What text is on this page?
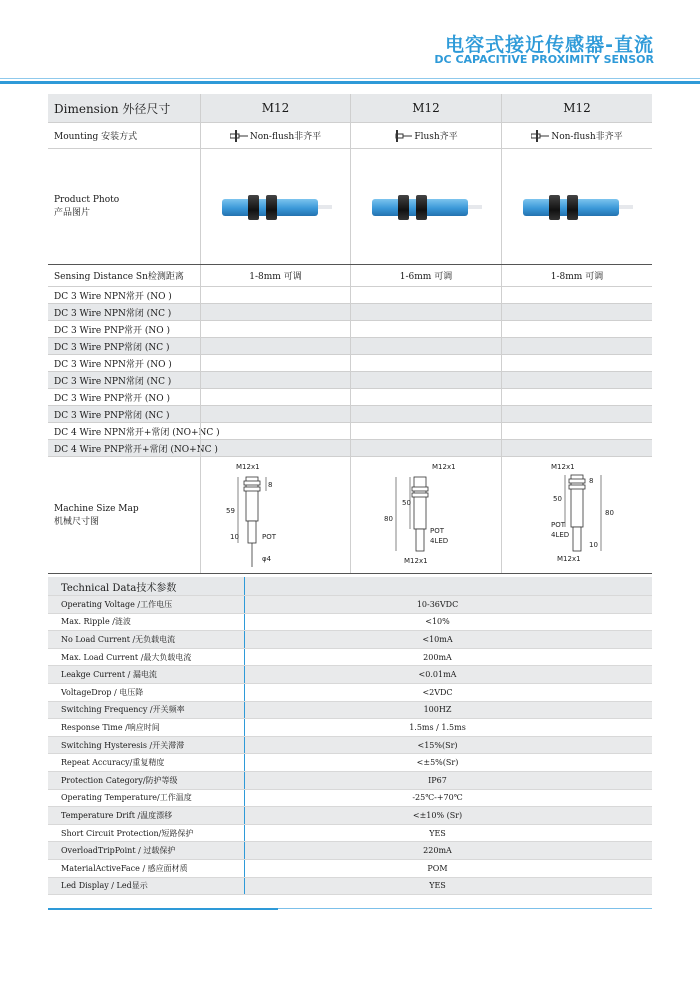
电容式接近传感器-直流
DC CAPACITIVE PROXIMITY SENSOR
Dimension 外径尺寸	M12	M12	M12
Mounting 安装方式	Non-flush非齐平	Flush齐平	Non-flush非齐平
Product Photo
产品图片
Sensing Distance Sn检测距离	1-8mm 可调	1-6mm 可调	1-8mm 可调
DC 3 Wire NPN常开 (NO )
DC 3 Wire NPN常闭 (NC )
DC 3 Wire PNP常开 (NO )
DC 3 Wire PNP常闭 (NC )
DC 3 Wire NPN常开 (NO )
DC 3 Wire NPN常闭 (NC )
DC 3 Wire PNP常开 (NO )
DC 3 Wire PNP常闭 (NC )
DC 4 Wire NPN常开+常闭 (NO+NC )
DC 4 Wire PNP常开+常闭 (NO+NC )
Machine Size Map
机械尺寸图
M12x1
8
59
10	POT
φ4
M12x1
50
80
POT
4LED
M12x1
M12x1
8
50
80
POT
4LED
10
M12x1
Technical Data技术参数
Operating Voltage /工作电压	10-36VDC
Max. Ripple /涟波	<10%
No Load Current /无负载电流	<10mA
Max. Load Current /最大负载电流	200mA
Leakge Current / 漏电流	<0.01mA
VoltageDrop / 电压降	<2VDC
Switching Frequency /开关频率	100HZ
Response Time /响应时间	1.5ms / 1.5ms
Switching Hysteresis /开关滞滞	<15%(Sr)
Repeat Accuracy/重复精度	<±5%(Sr)
Protection Category/防护等级	IP67
Operating Temperature/工作温度	-25℃-+70℃
Temperature Drift /温度漂移	<±10% (Sr)
Short Circuit Protection/短路保护	YES
OverloadTripPoint / 过载保护	220mA
MaterialActiveFace / 感应面材质	POM
Led Display / Led显示	YES
